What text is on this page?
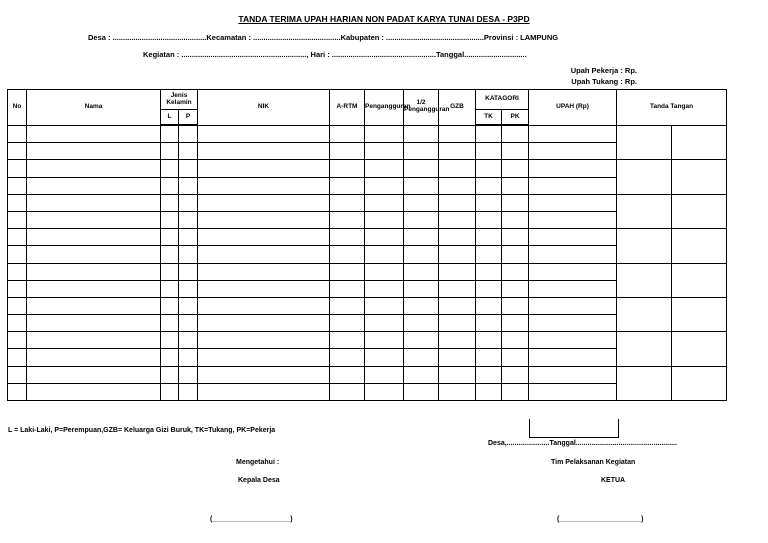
TANDA TERIMA UPAH HARIAN NON PADAT KARYA TUNAI DESA - P3PD
Desa : .............................................Kecamatan : ..........................................Kabupaten : ...............................................Provinsi : LAMPUNG
Kegiatan : ............................................................, Hari : ..................................................Tanggal..............................
Upah Pekerja : Rp.
Upah Tukang : Rp.
No	Nama	Jenis Kelamin		NIK	A-RTM	Pengangguran	1/2 Pengangguran	GZB	KATAGORI		UPAH (Rp)	Tanda Tangan	
		L	P						TK	PK			

L = Laki-Laki, P=Perempuan,GZB= Keluarga Gizi Buruk, TK=Tukang, PK=Pekerja
Desa,......................Tanggal....................................................
Mengetahui :
Kepala Desa
Tim Pelaksanan Kegiatan
KETUA
(____________________)	(_____________________)
